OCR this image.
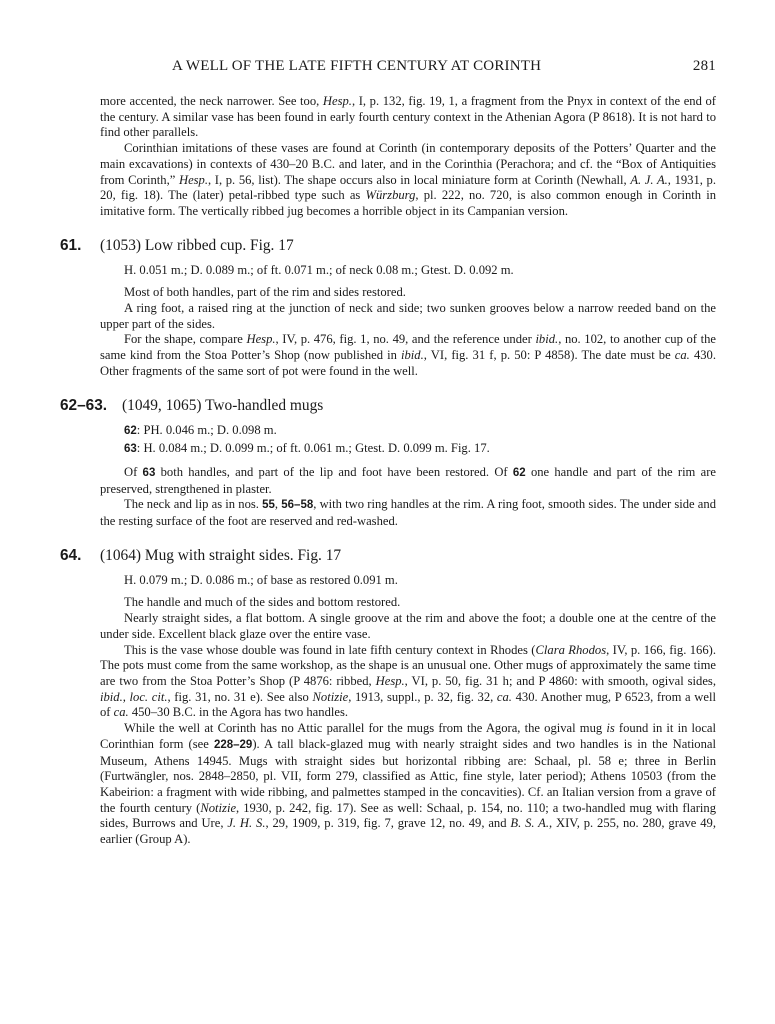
A WELL OF THE LATE FIFTH CENTURY AT CORINTH	281

more accented, the neck narrower. See too, Hesp., I, p. 132, fig. 19, 1, a fragment from the Pnyx in context of the end of the century. A similar vase has been found in early fourth century context in the Athenian Agora (P 8618). It is not hard to find other parallels.

Corinthian imitations of these vases are found at Corinth (in contemporary deposits of the Potters’ Quarter and the main excavations) in contexts of 430–20 B.C. and later, and in the Corinthia (Perachora; and cf. the “Box of Antiquities from Corinth,” Hesp., I, p. 56, list). The shape occurs also in local miniature form at Corinth (Newhall, A. J. A., 1931, p. 20, fig. 18). The (later) petal-ribbed type such as Würzburg, pl. 222, no. 720, is also common enough in Corinth in imitative form. The vertically ribbed jug becomes a horrible object in its Campanian version.

61. (1053) Low ribbed cup. Fig. 17

H. 0.051 m.; D. 0.089 m.; of ft. 0.071 m.; of neck 0.08 m.; Gtest. D. 0.092 m.

Most of both handles, part of the rim and sides restored.

A ring foot, a raised ring at the junction of neck and side; two sunken grooves below a narrow reeded band on the upper part of the sides.

For the shape, compare Hesp., IV, p. 476, fig. 1, no. 49, and the reference under ibid., no. 102, to another cup of the same kind from the Stoa Potter’s Shop (now published in ibid., VI, fig. 31 f, p. 50: P 4858). The date must be ca. 430. Other fragments of the same sort of pot were found in the well.

62–63. (1049, 1065) Two-handled mugs

62: PH. 0.046 m.; D. 0.098 m.

63: H. 0.084 m.; D. 0.099 m.; of ft. 0.061 m.; Gtest. D. 0.099 m. Fig. 17.

Of 63 both handles, and part of the lip and foot have been restored. Of 62 one handle and part of the rim are preserved, strengthened in plaster.

The neck and lip as in nos. 55, 56–58, with two ring handles at the rim. A ring foot, smooth sides. The under side and the resting surface of the foot are reserved and red-washed.

64. (1064) Mug with straight sides. Fig. 17

H. 0.079 m.; D. 0.086 m.; of base as restored 0.091 m.

The handle and much of the sides and bottom restored.

Nearly straight sides, a flat bottom. A single groove at the rim and above the foot; a double one at the centre of the under side. Excellent black glaze over the entire vase.

This is the vase whose double was found in late fifth century context in Rhodes (Clara Rhodos, IV, p. 166, fig. 166). The pots must come from the same workshop, as the shape is an unusual one. Other mugs of approximately the same time are two from the Stoa Potter’s Shop (P 4876: ribbed, Hesp., VI, p. 50, fig. 31 h; and P 4860: with smooth, ogival sides, ibid., loc. cit., fig. 31, no. 31 e). See also Notizie, 1913, suppl., p. 32, fig. 32, ca. 430. Another mug, P 6523, from a well of ca. 450–30 B.C. in the Agora has two handles.

While the well at Corinth has no Attic parallel for the mugs from the Agora, the ogival mug is found in it in local Corinthian form (see 228–29). A tall black-glazed mug with nearly straight sides and two handles is in the National Museum, Athens 14945. Mugs with straight sides but horizontal ribbing are: Schaal, pl. 58 e; three in Berlin (Furtwängler, nos. 2848–2850, pl. VII, form 279, classified as Attic, fine style, later period); Athens 10503 (from the Kabeirion: a fragment with wide ribbing, and palmettes stamped in the concavities). Cf. an Italian version from a grave of the fourth century (Notizie, 1930, p. 242, fig. 17). See as well: Schaal, p. 154, no. 110; a two-handled mug with flaring sides, Burrows and Ure, J. H. S., 29, 1909, p. 319, fig. 7, grave 12, no. 49, and B. S. A., XIV, p. 255, no. 280, grave 49, earlier (Group A).
